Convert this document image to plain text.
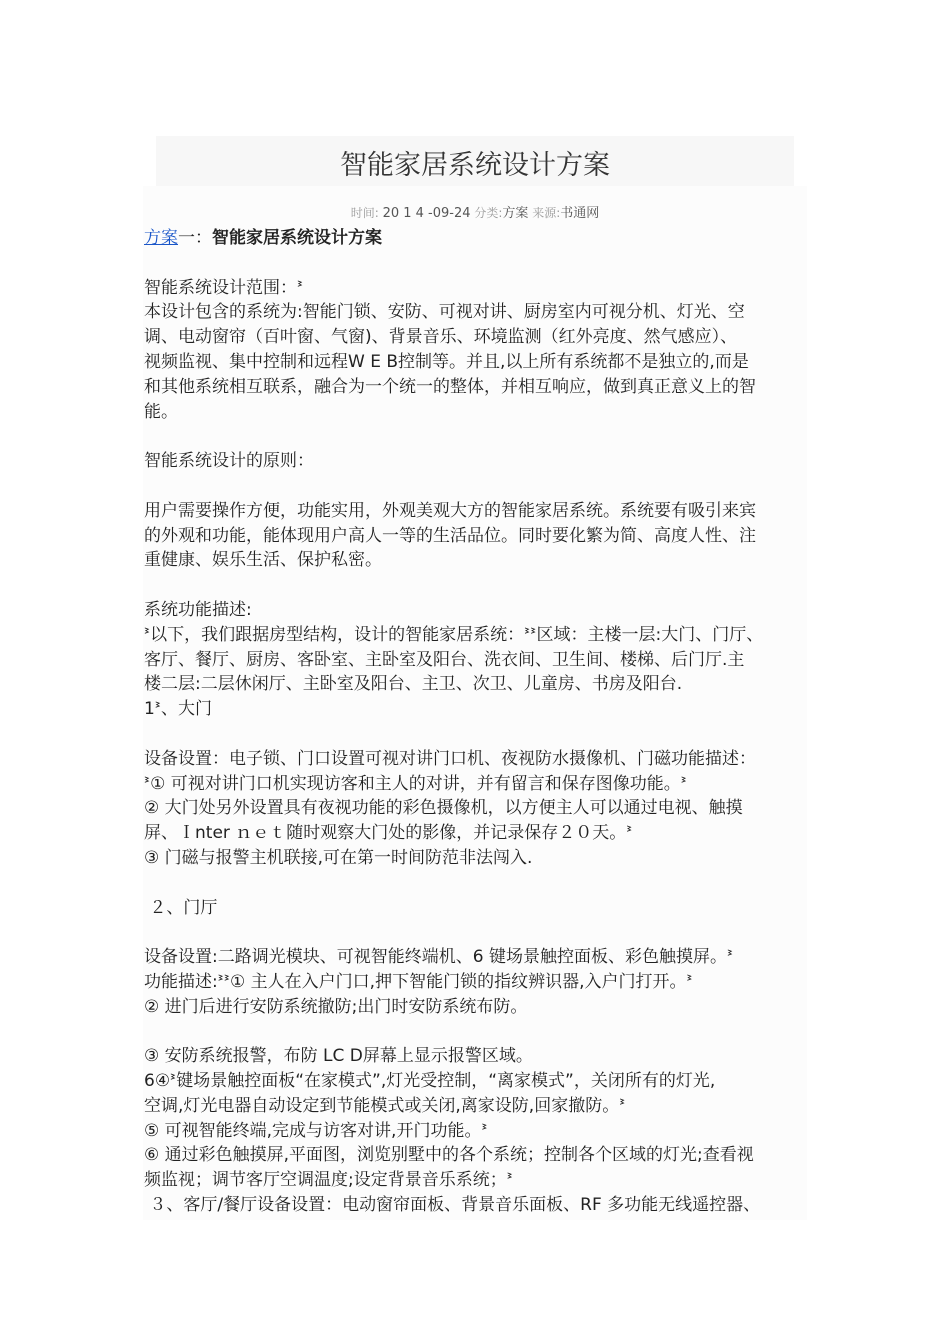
智能家居系统设计方案
时间: 20 1 4 -09-24 分类:方案 来源:书通网

方案一：智能家居系统设计方案

智能系统设计范围：ᕑ

本设计包含的系统为:智能门锁、安防、可视对讲、厨房室内可视分机、灯光、空

调、电动窗帘（百叶窗、气窗)、背景音乐、环境监测（红外亮度、然气感应）、

视频监视、集中控制和远程W E B控制等。并且,以上所有系统都不是独立的,而是

和其他系统相互联系，融合为一个统一的整体，并相互响应，做到真正意义上的智

能。

智能系统设计的原则：

用户需要操作方便，功能实用，外观美观大方的智能家居系统。系统要有吸引来宾

的外观和功能，能体现用户高人一等的生活品位。同时要化繁为简、高度人性、注

重健康、娱乐生活、保护私密。

系统功能描述:

ᕑ以下，我们跟据房型结构，设计的智能家居系统：ᕑᕑ区域：主楼一层:大门、门厅、

客厅、餐厅、厨房、客卧室、主卧室及阳台、洗衣间、卫生间、楼梯、后门厅.主

楼二层:二层休闲厅、主卧室及阳台、主卫、次卫、儿童房、书房及阳台.

1ᕑ、大门

设备设置：电子锁、门口设置可视对讲门口机、夜视防水摄像机、门磁功能描述：

ᕑ① 可视对讲门口机实现访客和主人的对讲，并有留言和保存图像功能。ᕑ

② 大门处另外设置具有夜视功能的彩色摄像机，以方便主人可以通过电视、触摸

屏、Ｉnter ｎｅｔ随时观察大门处的影像，并记录保存２０天。ᕑ

③ 门磁与报警主机联接,可在第一时间防范非法闯入.

２、门厅

设备设置:二路调光模块、可视智能终端机、6 键场景触控面板、彩色触摸屏。ᕑ

功能描述:ᕑᕑ① 主人在入户门口,押下智能门锁的指纹辨识器,入户门打开。ᕑ

② 进门后进行安防系统撤防;出门时安防系统布防。

③ 安防系统报警，布防 LC D屏幕上显示报警区域。

6④ᕑ键场景触控面板“在家模式”,灯光受控制，“离家模式”，关闭所有的灯光,

空调,灯光电器自动设定到节能模式或关闭,离家设防,回家撤防。ᕑ

⑤ 可视智能终端,完成与访客对讲,开门功能。ᕑ

⑥ 通过彩色触摸屏,平面图，浏览别墅中的各个系统；控制各个区域的灯光;查看视

频监视；调节客厅空调温度;设定背景音乐系统；ᕑ

３、客厅/餐厅设备设置：电动窗帘面板、背景音乐面板、RF 多功能无线遥控器、
